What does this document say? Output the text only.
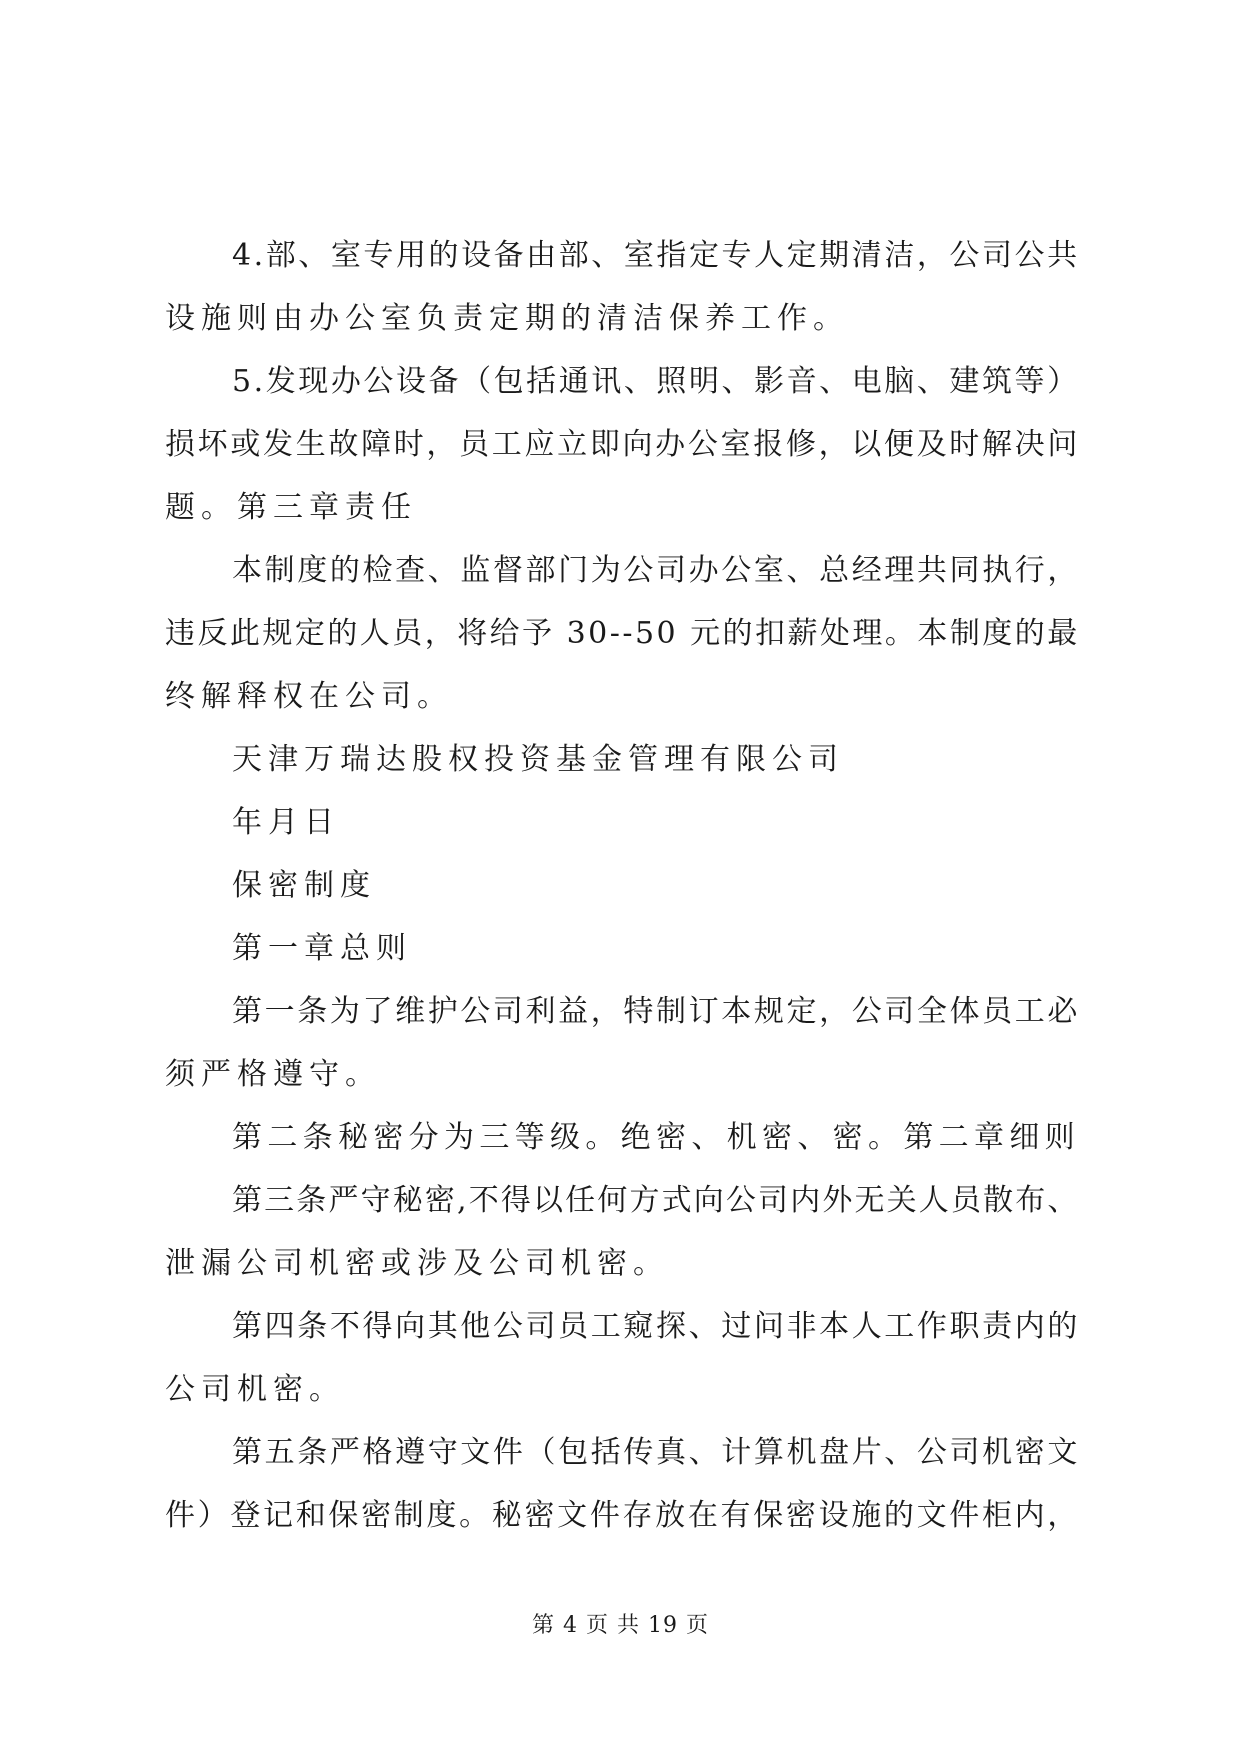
4.部、室专用的设备由部、室指定专人定期清洁，公司公共
设施则由办公室负责定期的清洁保养工作。
5.发现办公设备（包括通讯、照明、影音、电脑、建筑等）
损坏或发生故障时，员工应立即向办公室报修，以便及时解决问
题。第三章责任
本制度的检查、监督部门为公司办公室、总经理共同执行，
违反此规定的人员，将给予 30--50 元的扣薪处理。本制度的最
终解释权在公司。
天津万瑞达股权投资基金管理有限公司
年月日
保密制度
第一章总则
第一条为了维护公司利益，特制订本规定，公司全体员工必
须严格遵守。
第二条秘密分为三等级。绝密、机密、密。第二章细则
第三条严守秘密,不得以任何方式向公司内外无关人员散布、
泄漏公司机密或涉及公司机密。
第四条不得向其他公司员工窥探、过问非本人工作职责内的
公司机密。
第五条严格遵守文件（包括传真、计算机盘片、公司机密文
件）登记和保密制度。秘密文件存放在有保密设施的文件柜内，
第 4 页 共 19 页
